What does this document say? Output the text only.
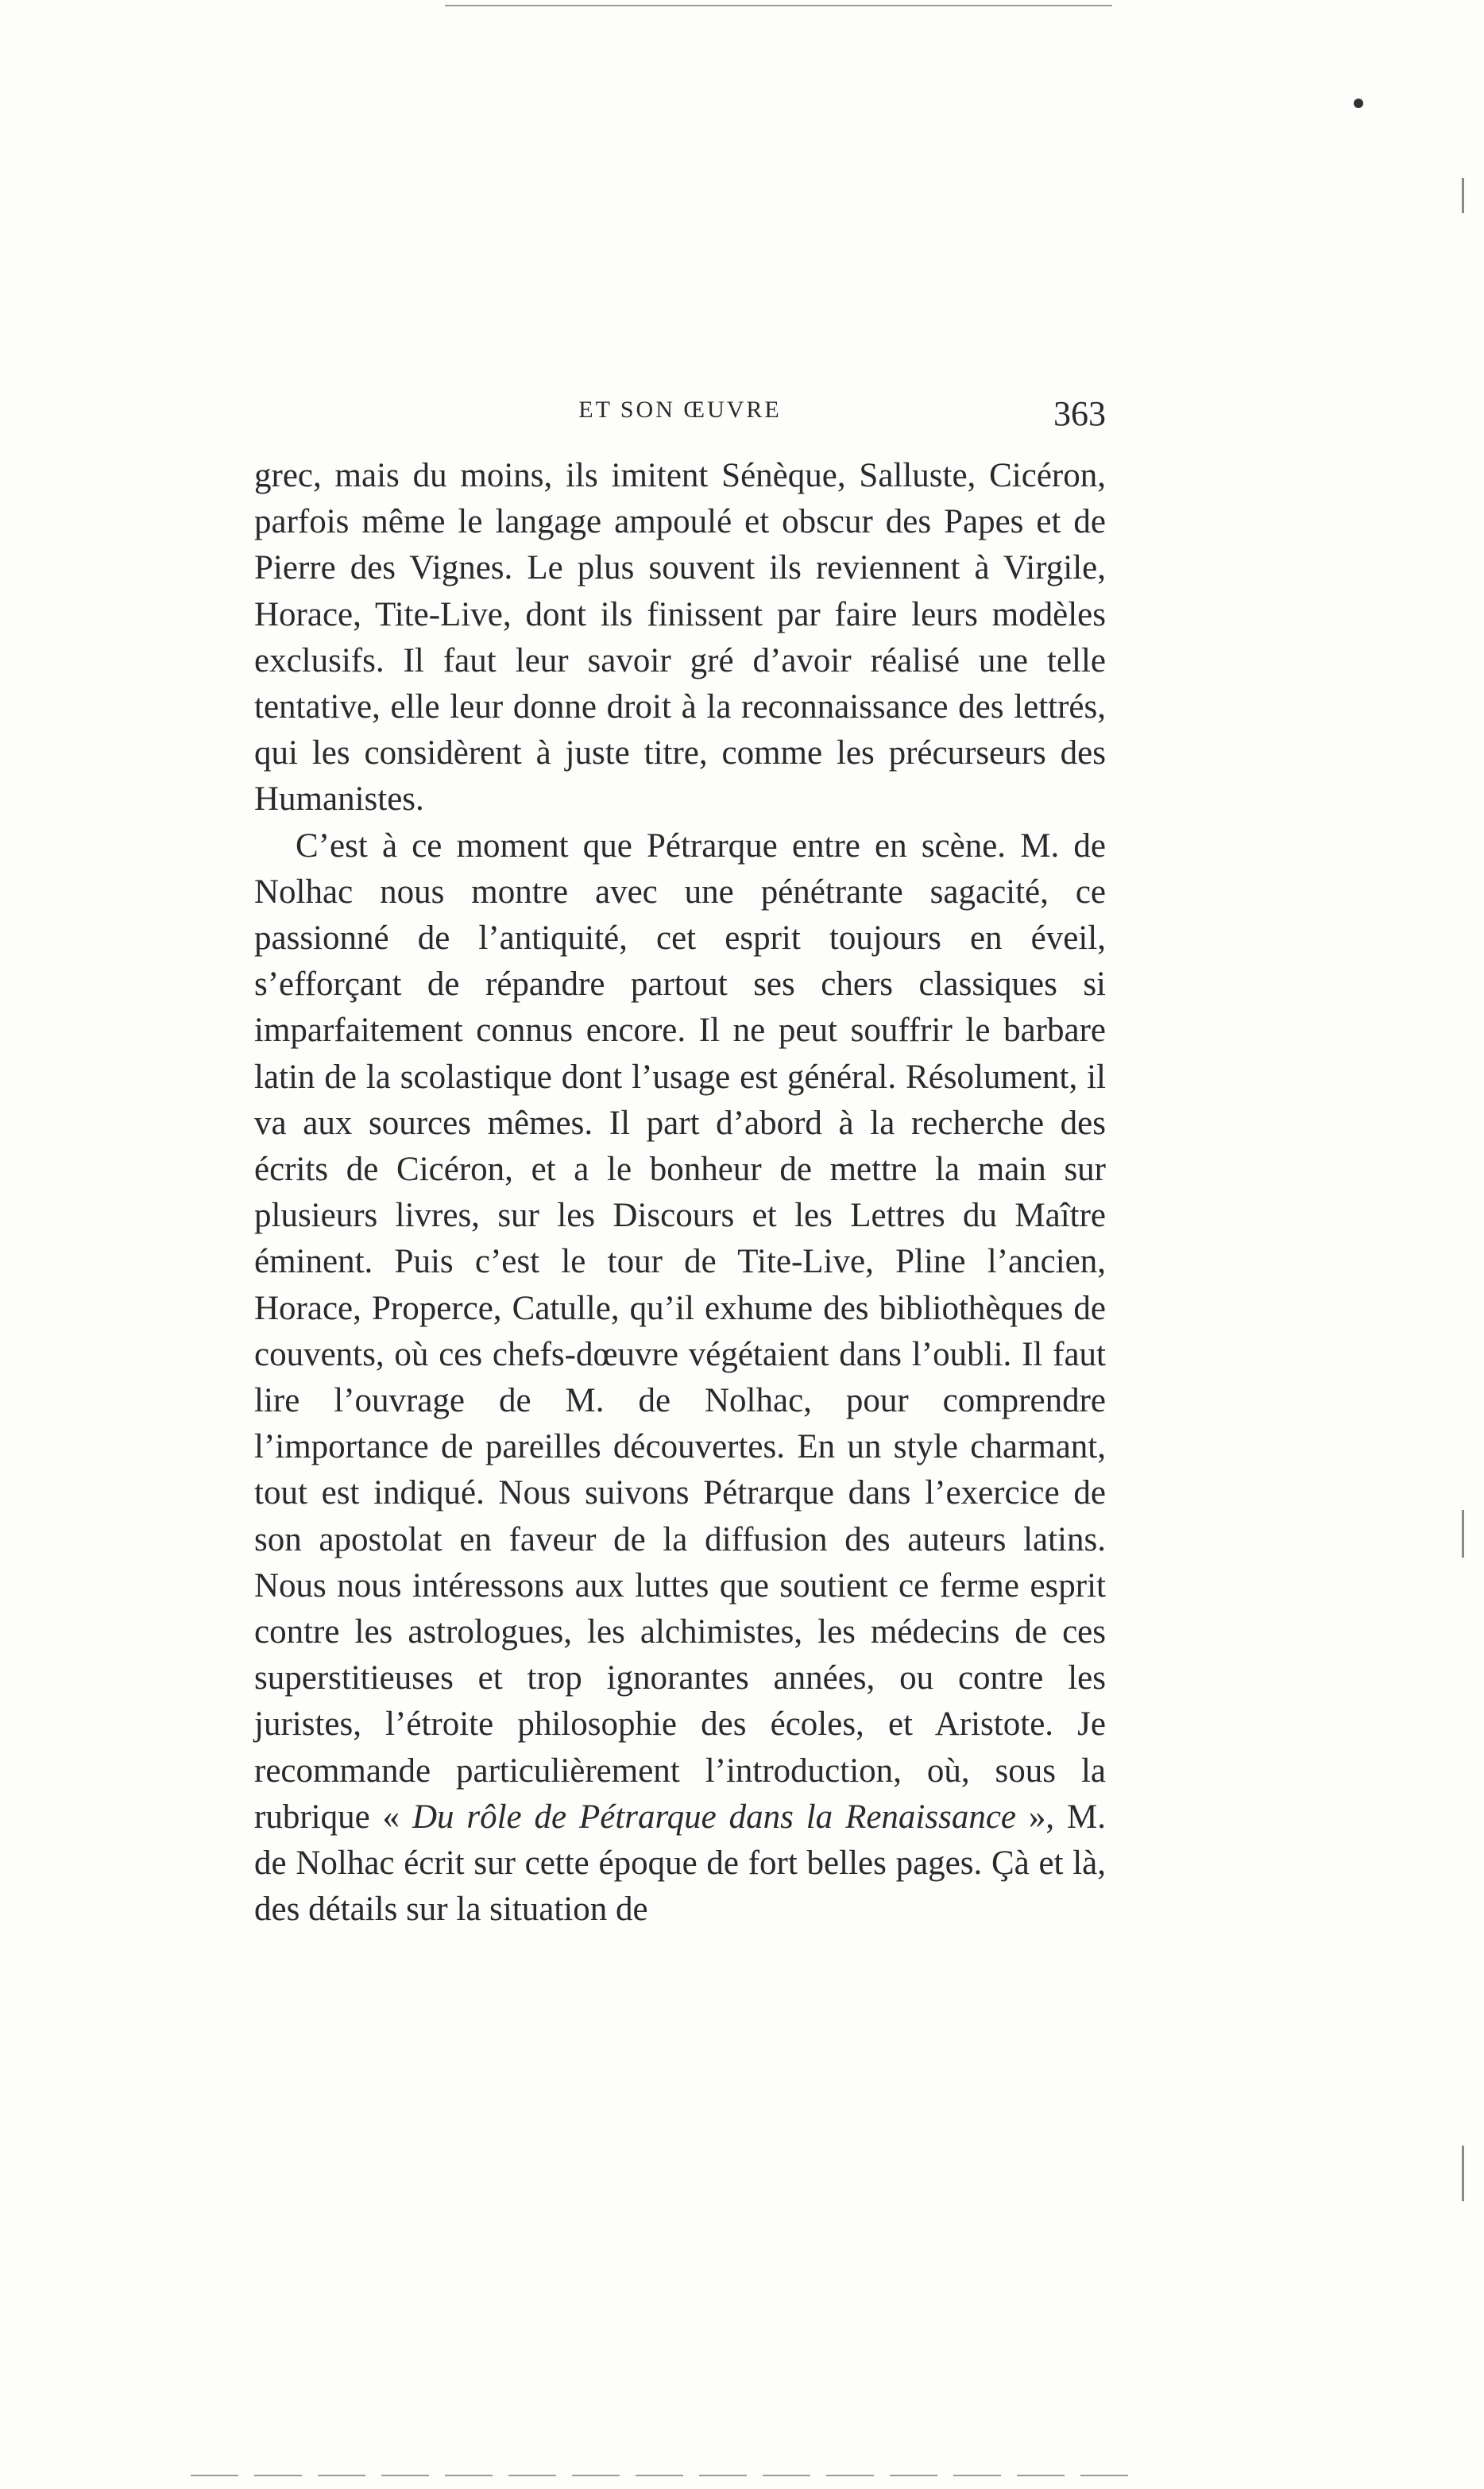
ET SON ŒUVRE	363

grec, mais du moins, ils imitent Sénèque, Salluste, Cicéron, parfois même le langage ampoulé et obscur des Papes et de Pierre des Vignes. Le plus souvent ils reviennent à Virgile, Horace, Tite-Live, dont ils finissent par faire leurs modèles exclusifs. Il faut leur savoir gré d’avoir réalisé une telle tentative, elle leur donne droit à la reconnaissance des lettrés, qui les considèrent à juste titre, comme les précurseurs des Humanistes.

C’est à ce moment que Pétrarque entre en scène. M. de Nolhac nous montre avec une pénétrante sagacité, ce passionné de l’antiquité, cet esprit toujours en éveil, s’efforçant de répandre partout ses chers classiques si imparfaitement connus encore. Il ne peut souffrir le barbare latin de la scolastique dont l’usage est général. Résolument, il va aux sources mêmes. Il part d’abord à la recherche des écrits de Cicéron, et a le bonheur de mettre la main sur plusieurs livres, sur les Discours et les Lettres du Maître éminent. Puis c’est le tour de Tite-Live, Pline l’ancien, Horace, Properce, Catulle, qu’il exhume des bibliothèques de couvents, où ces chefs-dœuvre végétaient dans l’oubli. Il faut lire l’ouvrage de M. de Nolhac, pour comprendre l’importance de pareilles découvertes. En un style charmant, tout est indiqué. Nous suivons Pétrarque dans l’exercice de son apostolat en faveur de la diffusion des auteurs latins. Nous nous intéressons aux luttes que soutient ce ferme esprit contre les astrologues, les alchimistes, les médecins de ces superstitieuses et trop ignorantes années, ou contre les juristes, l’étroite philosophie des écoles, et Aristote. Je recommande particulièrement l’introduction, où, sous la rubrique « Du rôle de Pétrarque dans la Renaissance », M. de Nolhac écrit sur cette époque de fort belles pages. Çà et là, des détails sur la situation de
